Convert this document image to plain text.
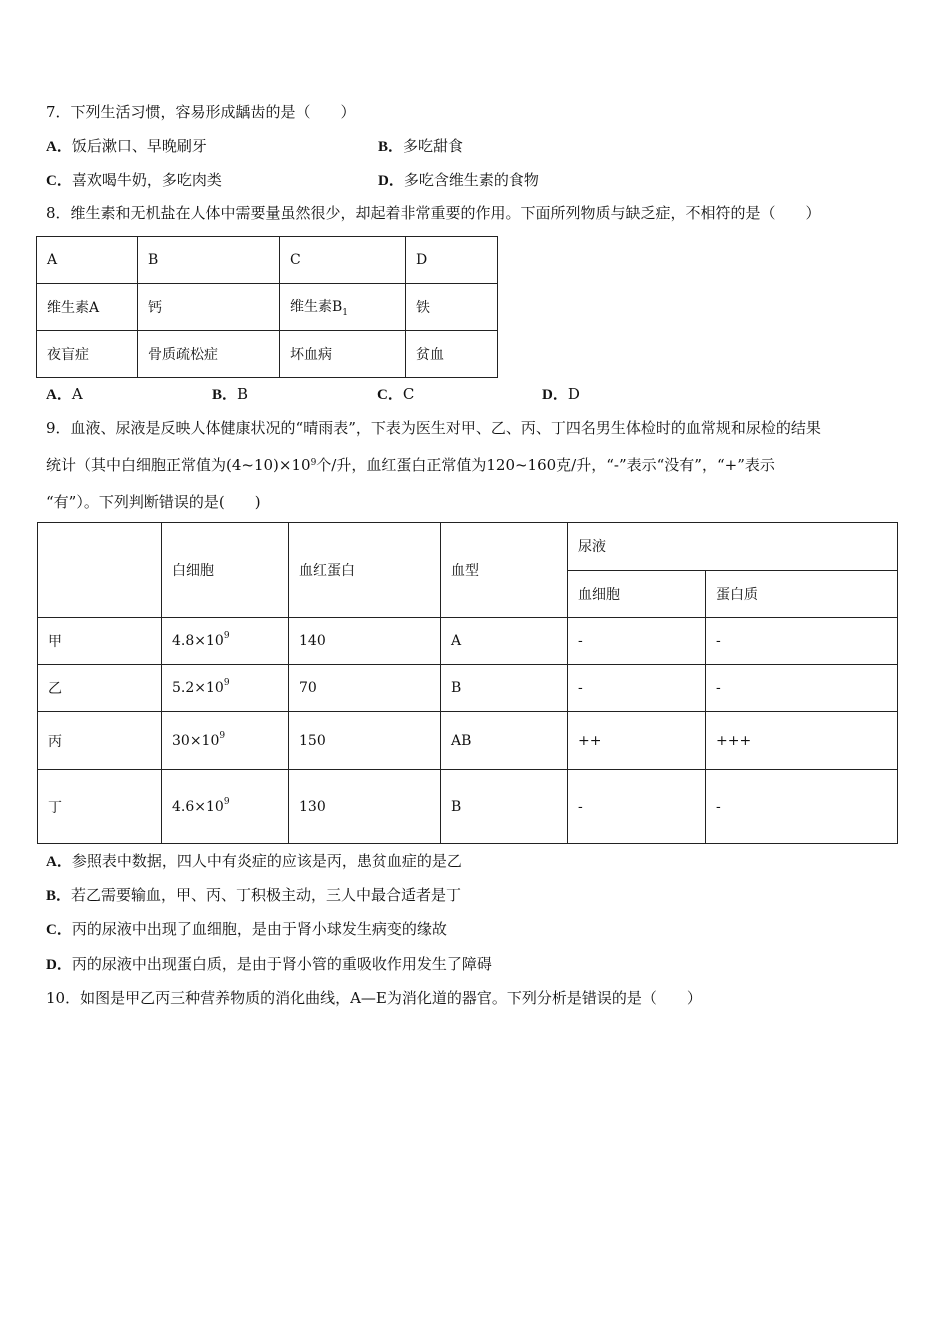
7．下列生活习惯，容易形成龋齿的是（　　）
A．饭后漱口、早晚刷牙	B．多吃甜食
C．喜欢喝牛奶，多吃肉类	D．多吃含维生素的食物
8．维生素和无机盐在人体中需要量虽然很少，却起着非常重要的作用。下面所列物质与缺乏症，不相符的是（　　）
A	B	C	D
维生素A	钙	维生素$B_1$	铁
夜盲症	骨质疏松症	坏血病	贫血
A．A	B．B	C．C	D．D
9．血液、尿液是反映人体健康状况的“晴雨表”，下表为医生对甲、乙、丙、丁四名男生体检时的血常规和尿检的结果
统计（其中白细胞正常值为$(4\sim 10)\times 10^9$个/升，血红蛋白正常值为120~160克/升，“-”表示“没有”，“+”表示
“有”）。下列判断错误的是(　　)
	白细胞	血红蛋白	血型	尿液	
				血细胞	蛋白质
甲	$4.8\times 10^9$	140	A	-	-
乙	$5.2\times 10^9$	70	B	-	-
丙	$30\times 10^9$	150	AB	++	+++
丁	$4.6\times 10^9$	130	B	-	-
A．参照表中数据，四人中有炎症的应该是丙，患贫血症的是乙
B．若乙需要输血，甲、丙、丁积极主动，三人中最合适者是丁
C．丙的尿液中出现了血细胞，是由于肾小球发生病变的缘故
D．丙的尿液中出现蛋白质，是由于肾小管的重吸收作用发生了障碍
10．如图是甲乙丙三种营养物质的消化曲线，A—E为消化道的器官。下列分析是错误的是（　　）
